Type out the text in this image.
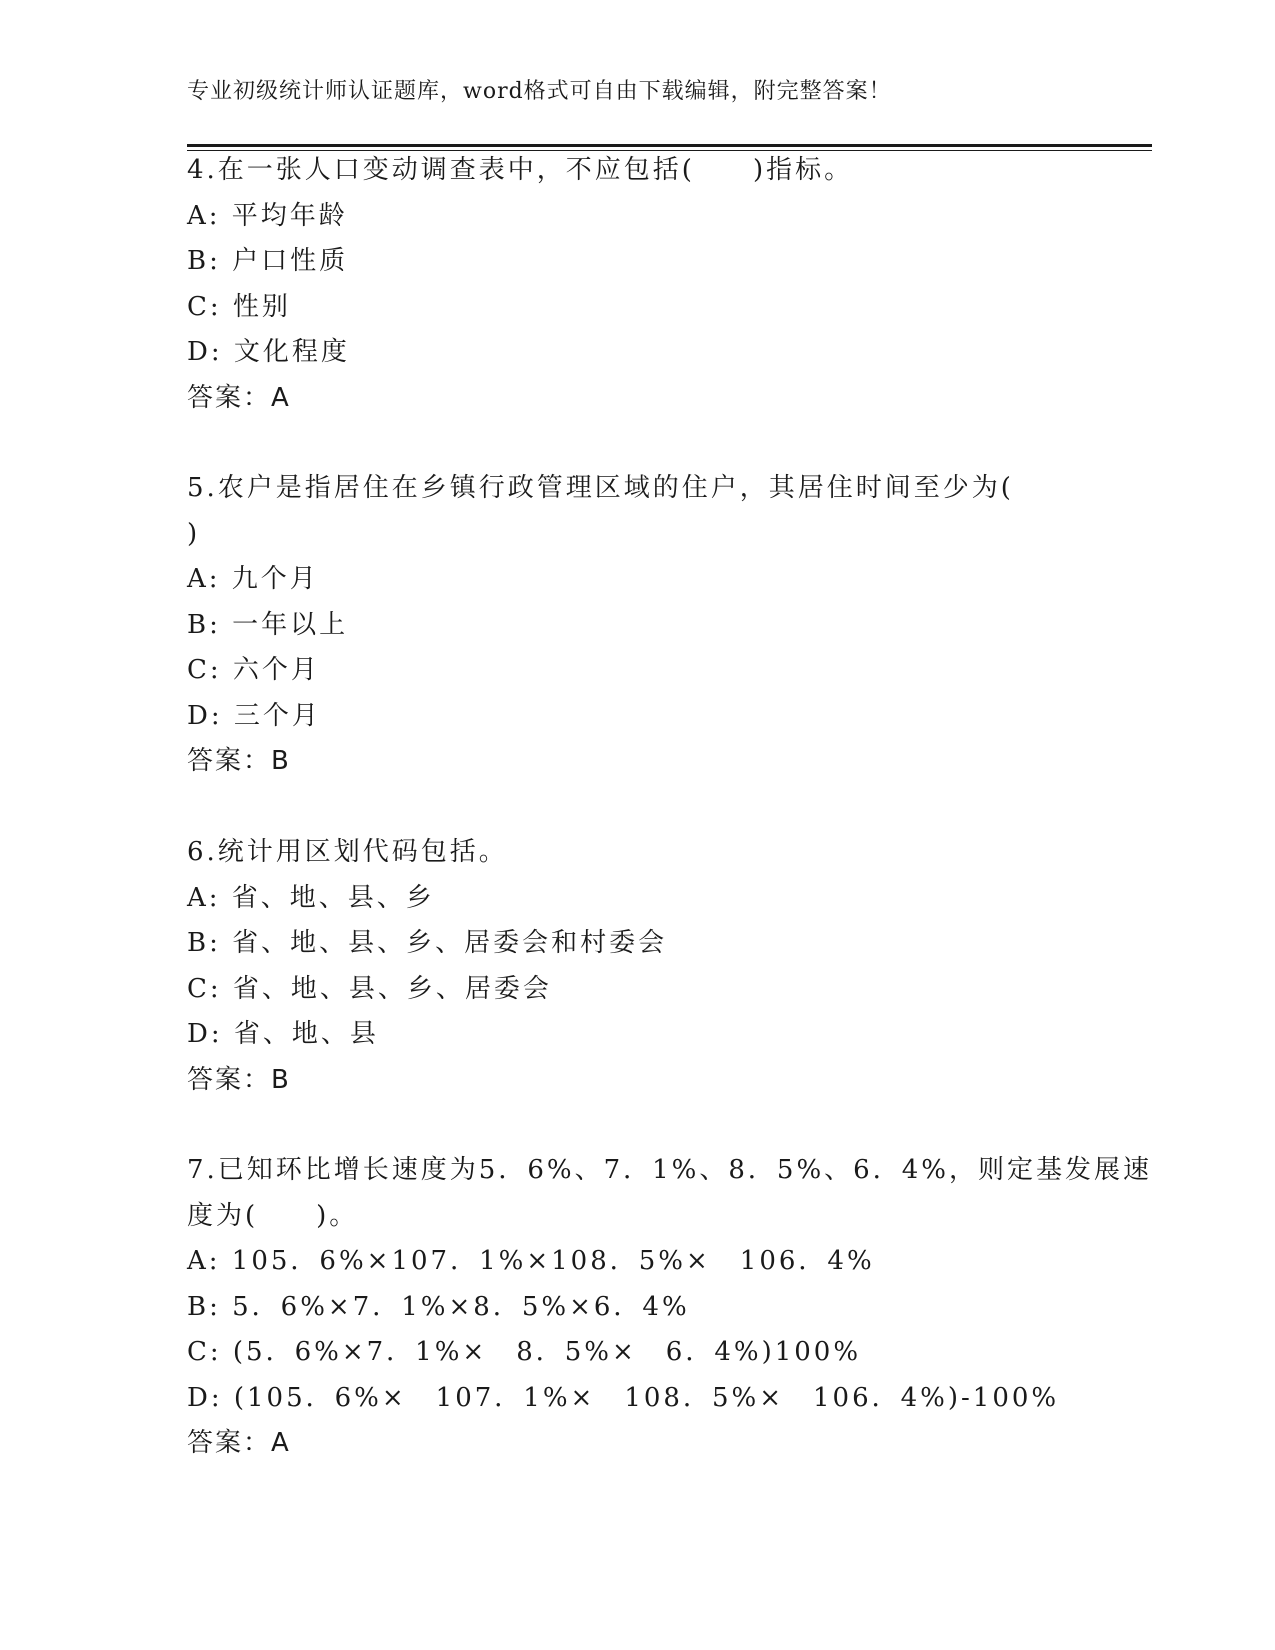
专业初级统计师认证题库，word格式可自由下载编辑，附完整答案！
4.在一张人口变动调查表中，不应包括(　　)指标。
A: 平均年龄
B: 户口性质
C: 性别
D: 文化程度
答案：A
5.农户是指居住在乡镇行政管理区域的住户，其居住时间至少为(
)
A: 九个月
B: 一年以上
C: 六个月
D: 三个月
答案：B
6.统计用区划代码包括。
A: 省、地、县、乡
B: 省、地、县、乡、居委会和村委会
C: 省、地、县、乡、居委会
D: 省、地、县
答案：B
7.已知环比增长速度为5．6%、7．1%、8．5%、6．4%，则定基发展速
度为(　　)。
A: 105．6%×107．1%×108．5%×　106．4%
B: 5．6%×7．1%×8．5%×6．4%
C: (5．6%×7．1%×　8．5%×　6．4%)100%
D: (105．6%×　107．1%×　108．5%×　106．4%)-100%
答案：A
